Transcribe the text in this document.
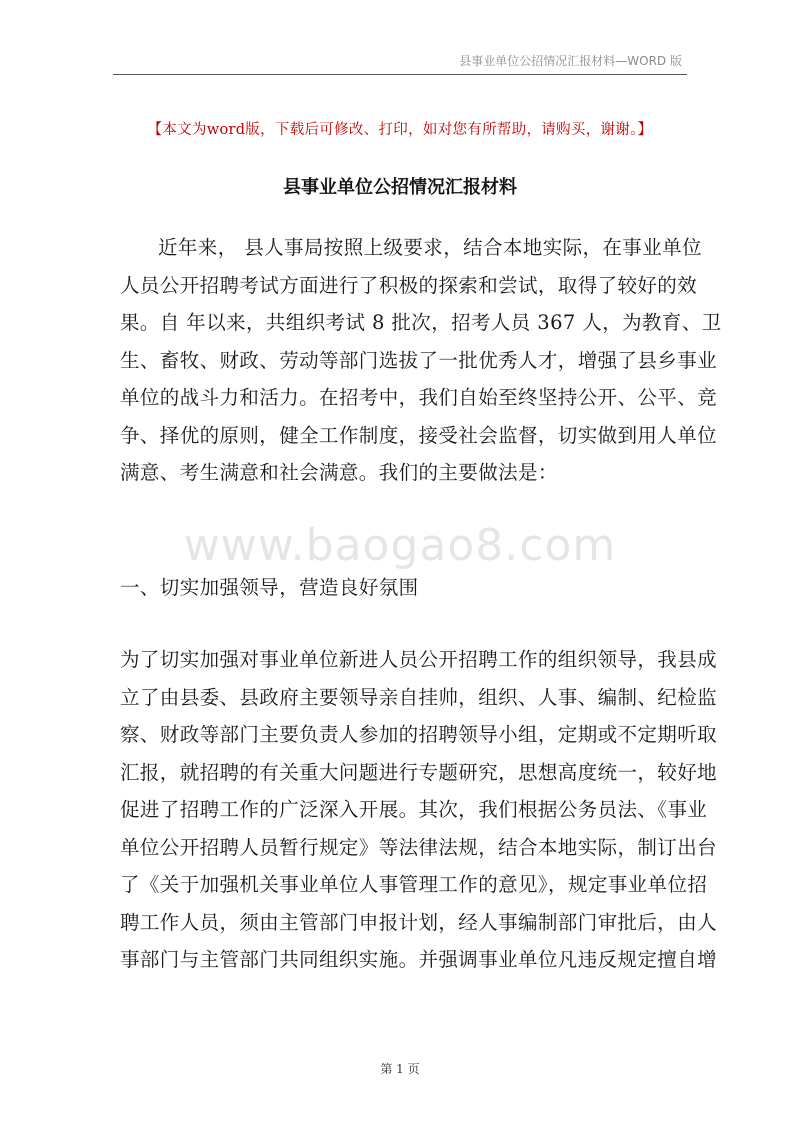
县事业单位公招情况汇报材料—WORD 版
【本文为word版，下载后可修改、打印，如对您有所帮助，请购买，谢谢。】
县事业单位公招情况汇报材料
www.baogao8.com
近年来， 县人事局按照上级要求，结合本地实际，在事业单位
人员公开招聘考试方面进行了积极的探索和尝试，取得了较好的效
果。自 年以来，共组织考试 8 批次，招考人员 367 人，为教育、卫
生、畜牧、财政、劳动等部门选拔了一批优秀人才，增强了县乡事业
单位的战斗力和活力。在招考中，我们自始至终坚持公开、公平、竞
争、择优的原则，健全工作制度，接受社会监督，切实做到用人单位
满意、考生满意和社会满意。我们的主要做法是：
一、切实加强领导，营造良好氛围
为了切实加强对事业单位新进人员公开招聘工作的组织领导，我县成
立了由县委、县政府主要领导亲自挂帅，组织、人事、编制、纪检监
察、财政等部门主要负责人参加的招聘领导小组，定期或不定期听取
汇报，就招聘的有关重大问题进行专题研究，思想高度统一，较好地
促进了招聘工作的广泛深入开展。其次，我们根据公务员法、《事业
单位公开招聘人员暂行规定》等法律法规，结合本地实际，制订出台
了《关于加强机关事业单位人事管理工作的意见》，规定事业单位招
聘工作人员，须由主管部门申报计划，经人事编制部门审批后，由人
事部门与主管部门共同组织实施。并强调事业单位凡违反规定擅自增
第 1 页
